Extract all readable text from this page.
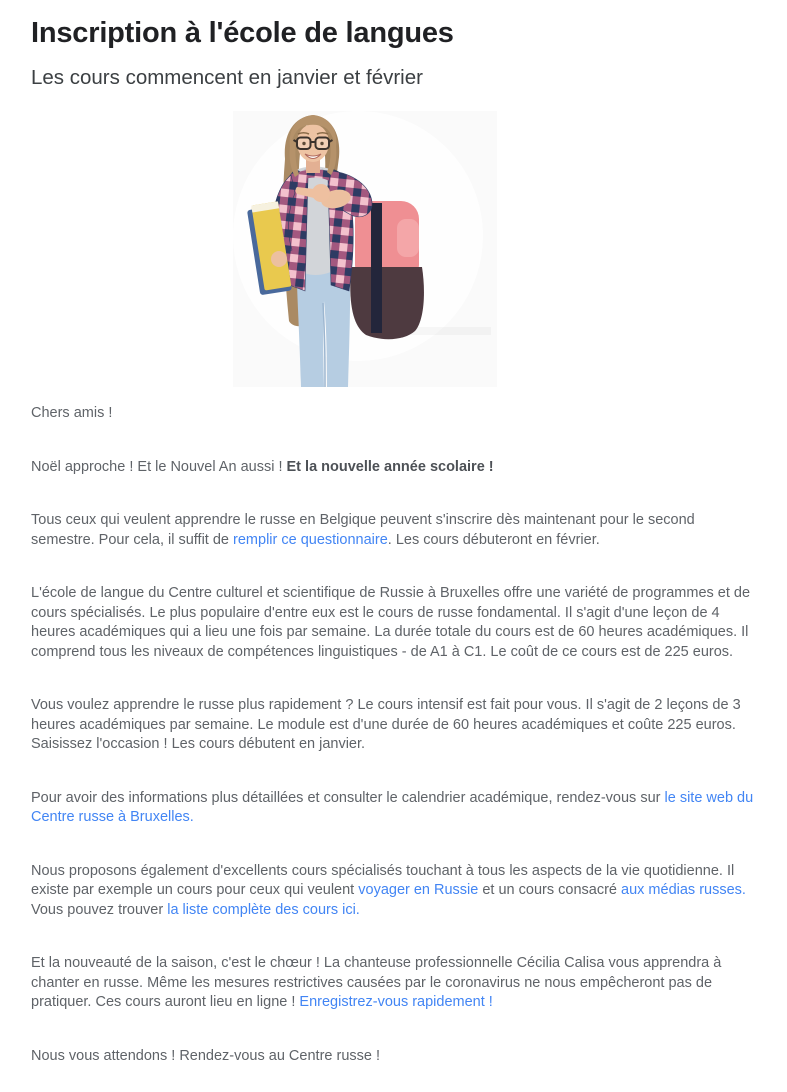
Inscription à l'école de langues
Les cours commencent en janvier et février

Chers amis !

Noël approche ! Et le Nouvel An aussi ! Et la nouvelle année scolaire !

Tous ceux qui veulent apprendre le russe en Belgique peuvent s'inscrire dès maintenant pour le second semestre. Pour cela, il suffit de remplir ce questionnaire. Les cours débuteront en février.

L'école de langue du Centre culturel et scientifique de Russie à Bruxelles offre une variété de programmes et de cours spécialisés. Le plus populaire d'entre eux est le cours de russe fondamental. Il s'agit d'une leçon de 4 heures académiques qui a lieu une fois par semaine. La durée totale du cours est de 60 heures académiques. Il comprend tous les niveaux de compétences linguistiques - de A1 à C1. Le coût de ce cours est de 225 euros.

Vous voulez apprendre le russe plus rapidement ? Le cours intensif est fait pour vous. Il s'agit de 2 leçons de 3 heures académiques par semaine. Le module est d'une durée de 60 heures académiques et coûte 225 euros. Saisissez l'occasion ! Les cours débutent en janvier.

Pour avoir des informations plus détaillées et consulter le calendrier académique, rendez-vous sur le site web du Centre russe à Bruxelles.

Nous proposons également d'excellents cours spécialisés touchant à tous les aspects de la vie quotidienne. Il existe par exemple un cours pour ceux qui veulent voyager en Russie et un cours consacré aux médias russes. Vous pouvez trouver la liste complète des cours ici.

Et la nouveauté de la saison, c'est le chœur ! La chanteuse professionnelle Cécilia Calisa vous apprendra à chanter en russe. Même les mesures restrictives causées par le coronavirus ne nous empêcheront pas de pratiquer. Ces cours auront lieu en ligne ! Enregistrez-vous rapidement !

Nous vous attendons ! Rendez-vous au Centre russe !
